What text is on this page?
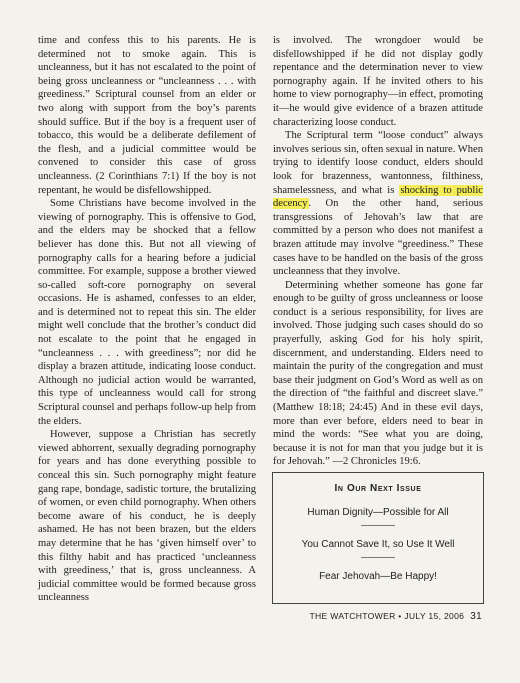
time and confess this to his parents. He is determined not to smoke again. This is uncleanness, but it has not escalated to the point of being gross uncleanness or “uncleanness . . . with greediness.” Scriptural counsel from an elder or two along with support from the boy’s parents should suffice. But if the boy is a frequent user of tobacco, this would be a deliberate defilement of the flesh, and a judicial committee would be convened to consider this case of gross uncleanness. (2 Corinthians 7:1) If the boy is not repentant, he would be disfellowshipped.

Some Christians have become involved in the viewing of pornography. This is offensive to God, and the elders may be shocked that a fellow believer has done this. But not all viewing of pornography calls for a hearing before a judicial committee. For example, suppose a brother viewed so-called soft-core pornography on several occasions. He is ashamed, confesses to an elder, and is determined not to repeat this sin. The elder might well conclude that the brother’s conduct did not escalate to the point that he engaged in “uncleanness . . . with greediness”; nor did he display a brazen attitude, indicating loose conduct. Although no judicial action would be warranted, this type of uncleanness would call for strong Scriptural counsel and perhaps follow-up help from the elders.

However, suppose a Christian has secretly viewed abhorrent, sexually degrading pornography for years and has done everything possible to conceal this sin. Such pornography might feature gang rape, bondage, sadistic torture, the brutalizing of women, or even child pornography. When others become aware of his conduct, he is deeply ashamed. He has not been brazen, but the elders may determine that he has ‘given himself over’ to this filthy habit and has practiced ‘uncleanness with greediness,’ that is, gross uncleanness. A judicial committee would be formed because gross uncleanness

is involved. The wrongdoer would be disfellowshipped if he did not display godly repentance and the determination never to view pornography again. If he invited others to his home to view pornography—in effect, promoting it—he would give evidence of a brazen attitude characterizing loose conduct.

The Scriptural term “loose conduct” always involves serious sin, often sexual in nature. When trying to identify loose conduct, elders should look for brazenness, wantonness, filthiness, shamelessness, and what is shocking to public decency. On the other hand, serious transgressions of Jehovah’s law that are committed by a person who does not manifest a brazen attitude may involve “greediness.” These cases have to be handled on the basis of the gross uncleanness that they involve.

Determining whether someone has gone far enough to be guilty of gross uncleanness or loose conduct is a serious responsibility, for lives are involved. Those judging such cases should do so prayerfully, asking God for his holy spirit, discernment, and understanding. Elders need to maintain the purity of the congregation and must base their judgment on God’s Word as well as on the direction of “the faithful and discreet slave.” (Matthew 18:18; 24:45) And in these evil days, more than ever before, elders need to bear in mind the words: “See what you are doing, because it is not for man that you judge but it is for Jehovah.” —2 Chronicles 19:6.

In Our Next Issue
Human Dignity—Possible for All
You Cannot Save It, so Use It Well
Fear Jehovah—Be Happy!
THE WATCHTOWER • JULY 15, 2006 31
